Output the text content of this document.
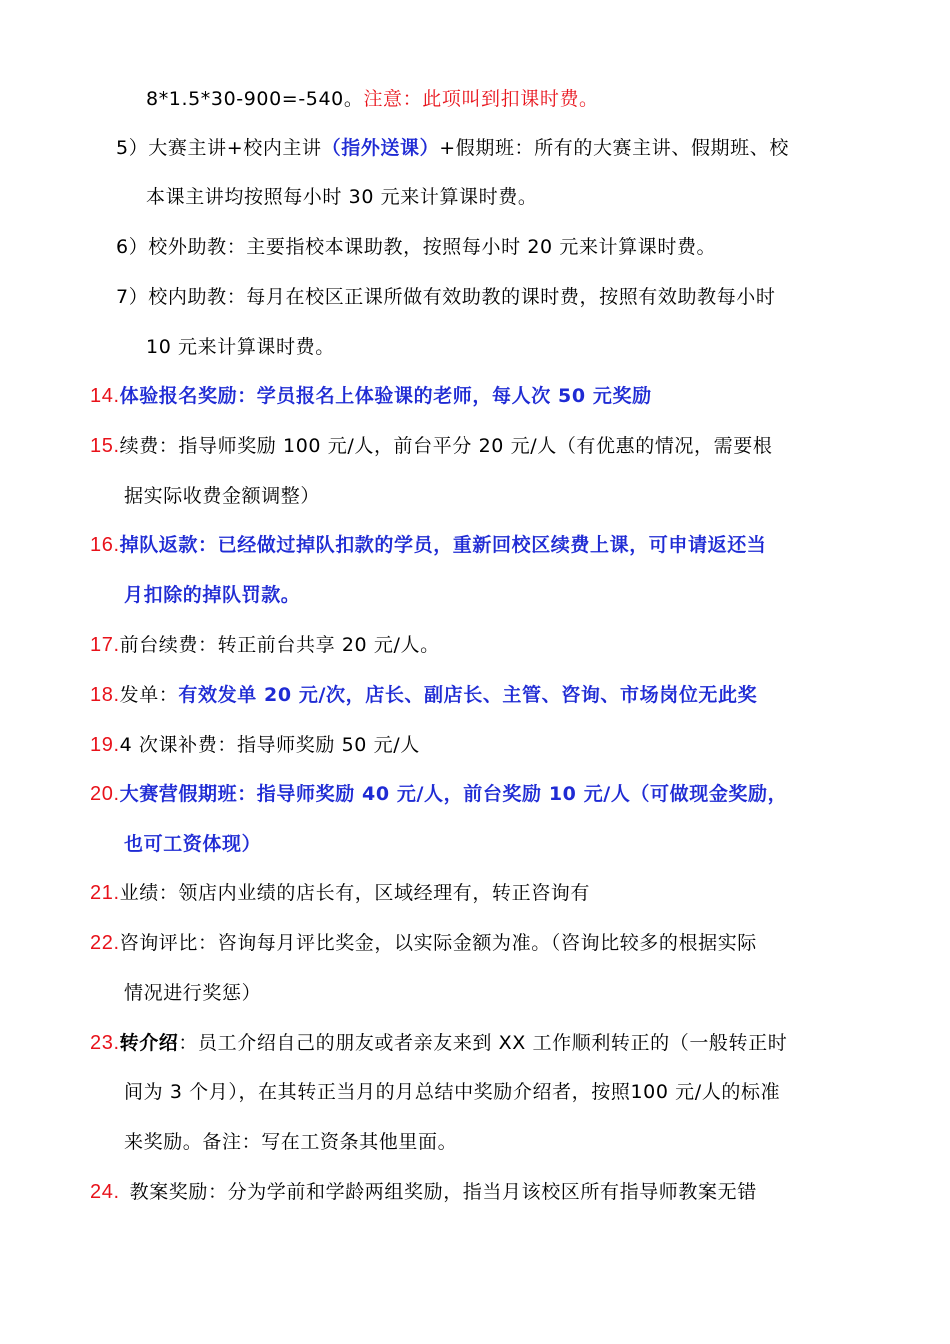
8*1.5*30-900=-540。注意：此项叫到扣课时费。
5）大赛主讲+校内主讲（指外送课）+假期班：所有的大赛主讲、假期班、校
本课主讲均按照每小时 30 元来计算课时费。
6）校外助教：主要指校本课助教，按照每小时 20 元来计算课时费。
7）校内助教：每月在校区正课所做有效助教的课时费，按照有效助教每小时
10 元来计算课时费。
14.体验报名奖励：学员报名上体验课的老师，每人次 50 元奖励
15.续费：指导师奖励 100 元/人，前台平分 20 元/人（有优惠的情况，需要根
据实际收费金额调整）
16.掉队返款：已经做过掉队扣款的学员，重新回校区续费上课，可申请返还当
月扣除的掉队罚款。
17.前台续费：转正前台共享 20 元/人。
18.发单：有效发单 20 元/次，店长、副店长、主管、咨询、市场岗位无此奖
19.4 次课补费：指导师奖励 50 元/人
20.大赛营假期班：指导师奖励 40 元/人，前台奖励 10 元/人（可做现金奖励，
也可工资体现）
21.业绩：领店内业绩的店长有，区域经理有，转正咨询有
22.咨询评比：咨询每月评比奖金，以实际金额为准。（咨询比较多的根据实际
情况进行奖惩）
23.转介绍：员工介绍自己的朋友或者亲友来到 XX 工作顺利转正的（一般转正时
间为 3 个月），在其转正当月的月总结中奖励介绍者，按照100 元/人的标准
来奖励。备注：写在工资条其他里面。
24. 教案奖励：分为学前和学龄两组奖励，指当月该校区所有指导师教案无错
